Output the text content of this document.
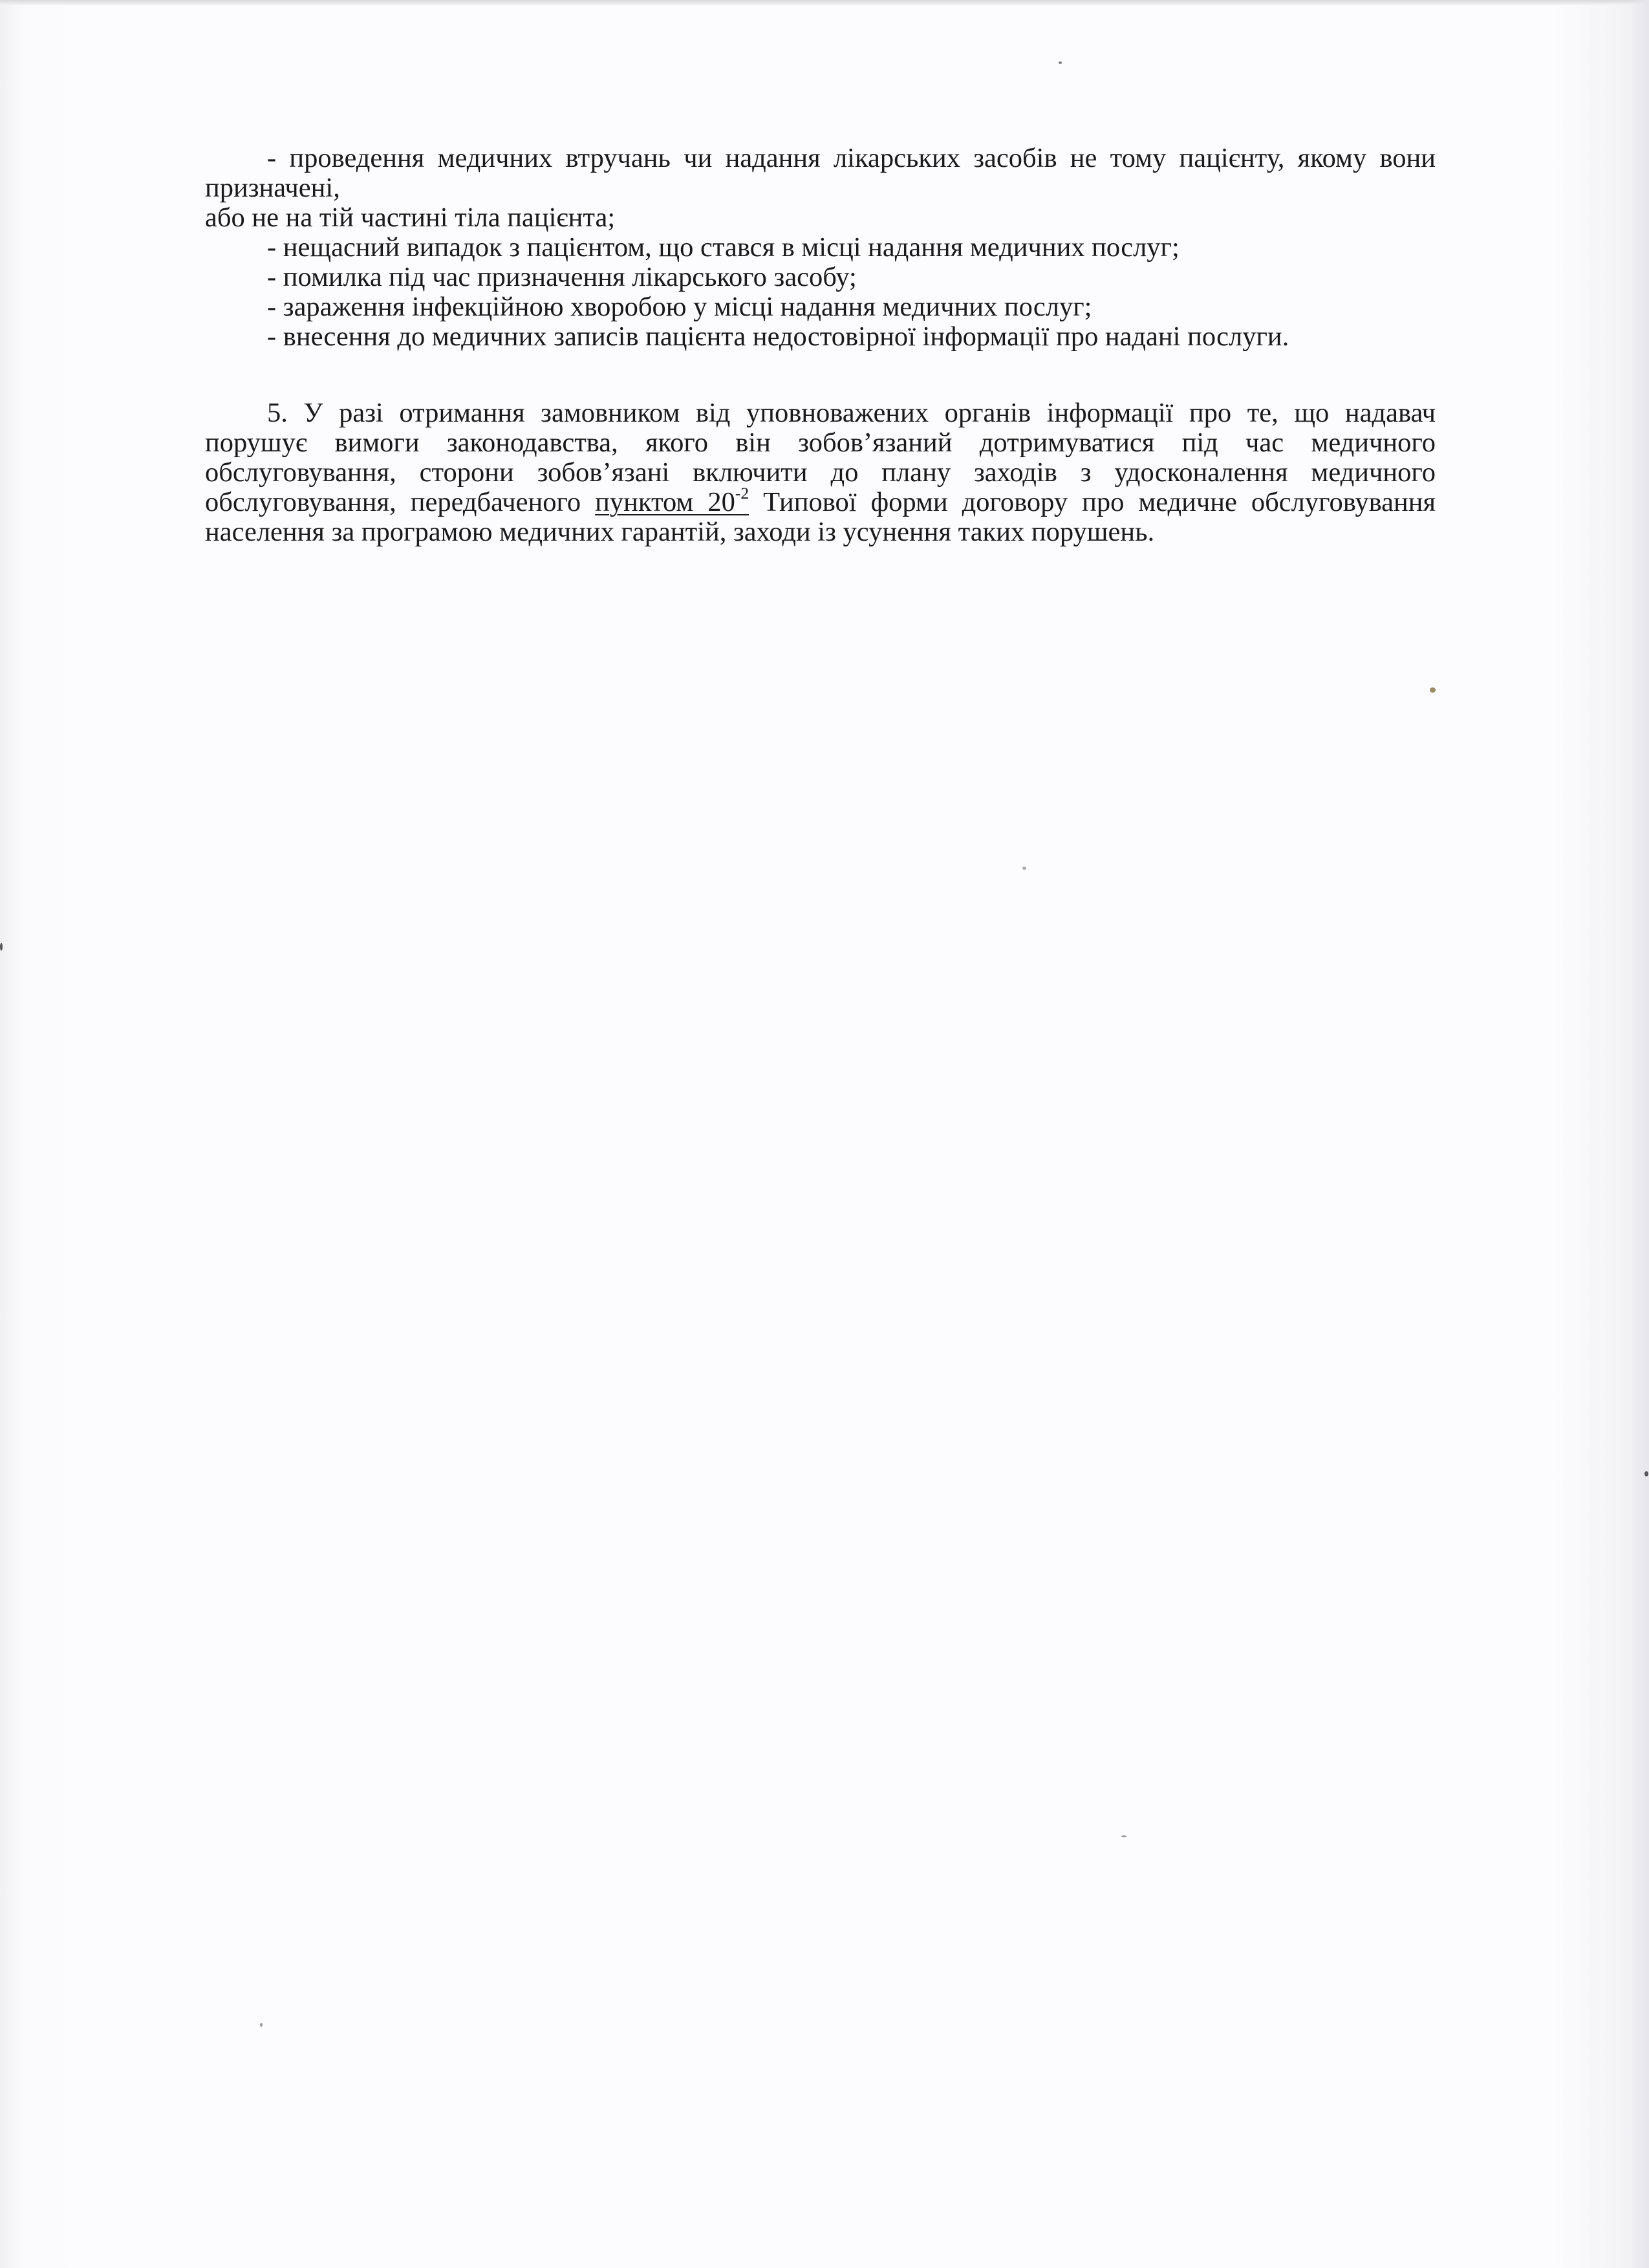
- проведення медичних втручань чи надання лікарських засобів не тому пацієнту, якому вони призначені,

або не на тій частині тіла пацієнта;

- нещасний випадок з пацієнтом, що стався в місці надання медичних послуг;

- помилка під час призначення лікарського засобу;

- зараження інфекційною хворобою у місці надання медичних послуг;

- внесення до медичних записів пацієнта недостовірної інформації про надані послуги.

5. У разі отримання замовником від уповноважених органів інформації про те, що надавач порушує вимоги законодавства, якого він зобов’язаний дотримуватися під час медичного обслуговування, сторони зобов’язані включити до плану заходів з удосконалення медичного обслуговування, передбаченого пунктом $20^{-2}$ Типової форми договору про медичне обслуговування населення за програмою медичних гарантій, заходи із усунення таких порушень.
